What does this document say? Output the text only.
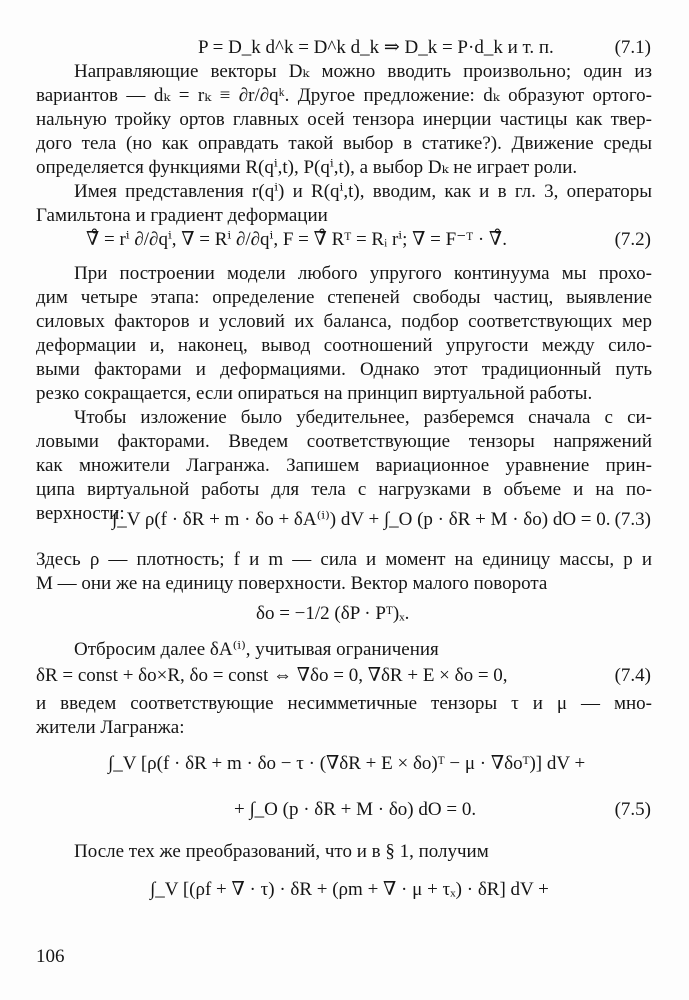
P = D_k d^k = D^k d_k ⇒ D_k = P·d_k и т. п.	(7.1)
Направляющие векторы Dₖ можно вводить произвольно; один из
вариантов — dₖ = rₖ ≡ ∂r/∂qᵏ. Другое предложение: dₖ образуют ортого-
нальную тройку ортов главных осей тензора инерции частицы как твер-
дого тела (но как оправдать такой выбор в статике?). Движение среды
определяется функциями R(qⁱ,t), P(qⁱ,t), а выбор Dₖ не играет роли.
Имея представления r(qⁱ) и R(qⁱ,t), вводим, как и в гл. 3, операторы
Гамильтона и градиент деформации
∇̊ = rⁱ ∂/∂qⁱ, ∇ = Rⁱ ∂/∂qⁱ, F = ∇̊ Rᵀ = Rᵢ rⁱ; ∇ = F⁻ᵀ · ∇̊.	(7.2)
При построении модели любого упругого континуума мы прохо-
дим четыре этапа: определение степеней свободы частиц, выявление
силовых факторов и условий их баланса, подбор соответствующих мер
деформации и, наконец, вывод соотношений упругости между сило-
выми факторами и деформациями. Однако этот традиционный путь
резко сокращается, если опираться на принцип виртуальной работы.
Чтобы изложение было убедительнее, разберемся сначала с си-
ловыми факторами. Введем соответствующие тензоры напряжений
как множители Лагранжа. Запишем вариационное уравнение прин-
ципа виртуальной работы для тела с нагрузками в объеме и на по-
верхности:
∫_V ρ(f · δR + m · δo + δA⁽ⁱ⁾) dV + ∫_O (p · δR + M · δo) dO = 0. (7.3)
Здесь ρ — плотность; f и m — сила и момент на единицу массы, p и
M — они же на единицу поверхности. Вектор малого поворота
δo = −1/2 (δP · Pᵀ)ₓ.
Отбросим далее δA⁽ⁱ⁾, учитывая ограничения
δR = const + δo×R, δo = const ⇔ ∇δo = 0, ∇δR + E × δo = 0,	(7.4)
и введем соответствующие несимметичные тензоры τ и μ — мно-
жители Лагранжа:
∫_V [ρ(f · δR + m · δo − τ · (∇δR + E × δo)ᵀ − μ · ∇δoᵀ)] dV +
+ ∫_O (p · δR + M · δo) dO = 0.	(7.5)
После тех же преобразований, что и в § 1, получим
∫_V [(ρf + ∇ · τ) · δR + (ρm + ∇ · μ + τₓ) · δR] dV +
106
